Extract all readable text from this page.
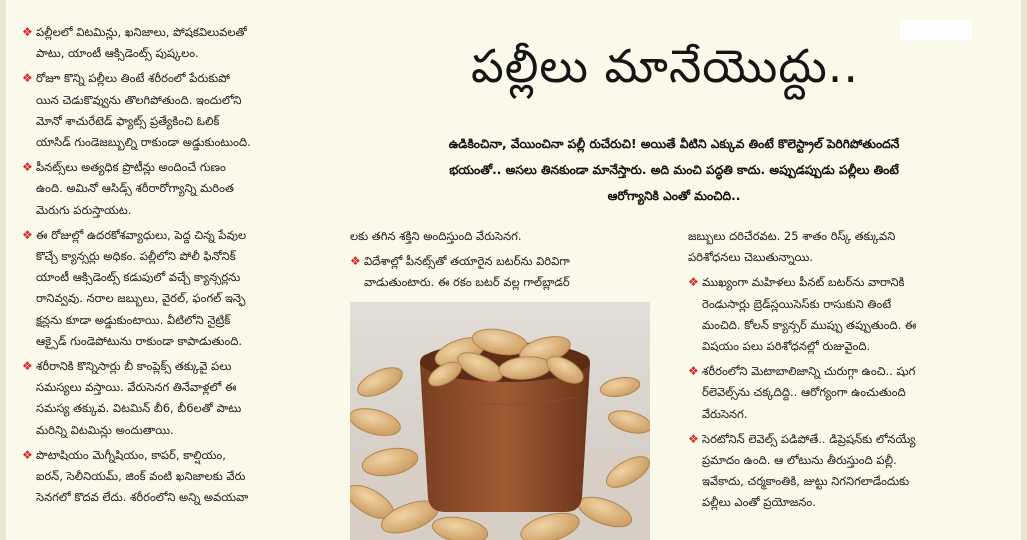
❖ పల్లీలలో విటమిన్లు, ఖనిజాలు, పోషకవిలువలతో
పాటు, యాంటీ ఆక్సిడెంట్స్ పుష్కలం.
❖ రోజూ కొన్ని పల్లీలు తింటే శరీరంలో పేరుకుపో
యిన చెడుకొవ్వును తొలగిపోతుంది. ఇందులోని
మోనో శాచురేటెడ్ ఫ్యాట్స్ ప్రత్యేకించి ఓలిక్
యాసిడ్ గుండెజబ్బుల్ని రాకుండా అడ్డుకుంటుంది.
❖ పీనట్స్‌లు అత్యధిక ప్రొటీన్లు అందించే గుణం
ఉంది. అమినో ఆసిడ్స్ శరీరారోగ్యాన్ని మరింత
మెరుగు పరుస్తాయట.
❖ ఈ రోజుల్లో ఉదరకోశవ్యాధులు, పెద్ద చిన్న పేవుల
కొచ్చే క్యాన్సర్లు అధికం. పల్లీలోని పోలీ ఫినోనిక్
యాంటీ ఆక్సిడెంట్స్ కడుపులో వచ్చే క్యాన్సర్లను
రానివ్వవు. నరాల జబ్బులు, వైరల్, ఫంగల్ ఇన్ఫె
క్షన్లను కూడా అడ్డుకుంటాయి. వీటిలోని నైట్రిక్
ఆక్సైడ్ గుండెపోటును రాకుండా కాపాడుతుంది.
❖ శరీరానికి కొన్నిసార్లు బీ కాంప్లెక్స్ తక్కువై పలు
సమస్యలు వస్తాయి. వేరుసెనగ తినేవాళ్లలో ఈ
సమస్య తక్కువ. విటమిన్ బీ6, బీ6లతో పాటు
మరిన్ని విటమిన్లు అందుతాయి.
❖ పొటాషియం మెగ్నీషియం, కాపర్, కాల్షియం,
ఐరన్, సెలీనియమ్, జింక్ వంటి ఖనిజాలకు వేరు
సెనగలో కొదవ లేదు. శరీరంలోని అన్ని అవయవా
పల్లీలు మానేయొద్దు..
ఉడికించినా, వేయించినా పల్లీ రుచేరుచి! అయితే వీటిని ఎక్కువ తింటే కొలెస్ట్రాల్ పెరిగిపోతుందనే
భయంతో.. అసలు తినకుండా మానేస్తారు. అది మంచి పద్ధతి కాదు. అప్పుడప్పుడు పల్లీలు తింటే
ఆరోగ్యానికి ఎంతో మంచిది..
లకు తగిన శక్తిని అందిస్తుంది వేరుసెనగ.
❖ విదేశాల్లో పీనట్స్‌తో తయారైన బటర్‌ను విరివిగా
వాడుతుంటారు. ఈ రకం బటర్ వల్ల గాల్‌బ్లాడర్
జబ్బులు దరిచేరవట. 25 శాతం రిస్క్ తక్కువని
పరిశోధనలు చెబుతున్నాయి.
❖ ముఖ్యంగా మహిళలు పీనట్ బటర్‌ను వారానికి
రెండుసార్లు బ్రెడ్‌స్లయిసెస్‌కు రాసుకుని తింటే
మంచిది. కోలన్ క్యాన్సర్ ముప్పు తప్పుతుంది. ఈ
విషయం పలు పరిశోధనల్లో రుజువైంది.
❖ శరీరంలోని మెటాబాలిజాన్ని చురుగ్గా ఉంచి.. షుగ
ర్‌లెవెల్స్‌ను చక్కదిద్ది.. ఆరోగ్యంగా ఉంచుతుంది
వేరుసెనగ.
❖ సెరటోనిన్ లెవెల్స్ పడిపోతే.. డిప్రెషన్‌కు లోనయ్యే
ప్రమాదం ఉంది. ఆ లోటును తీరుస్తుంది పల్లీ.
ఇవేకాదు, చర్మకాంతికి, జుట్టు నిగనిగలాడేందుకు
పల్లీలు ఎంతో ప్రయోజనం.
